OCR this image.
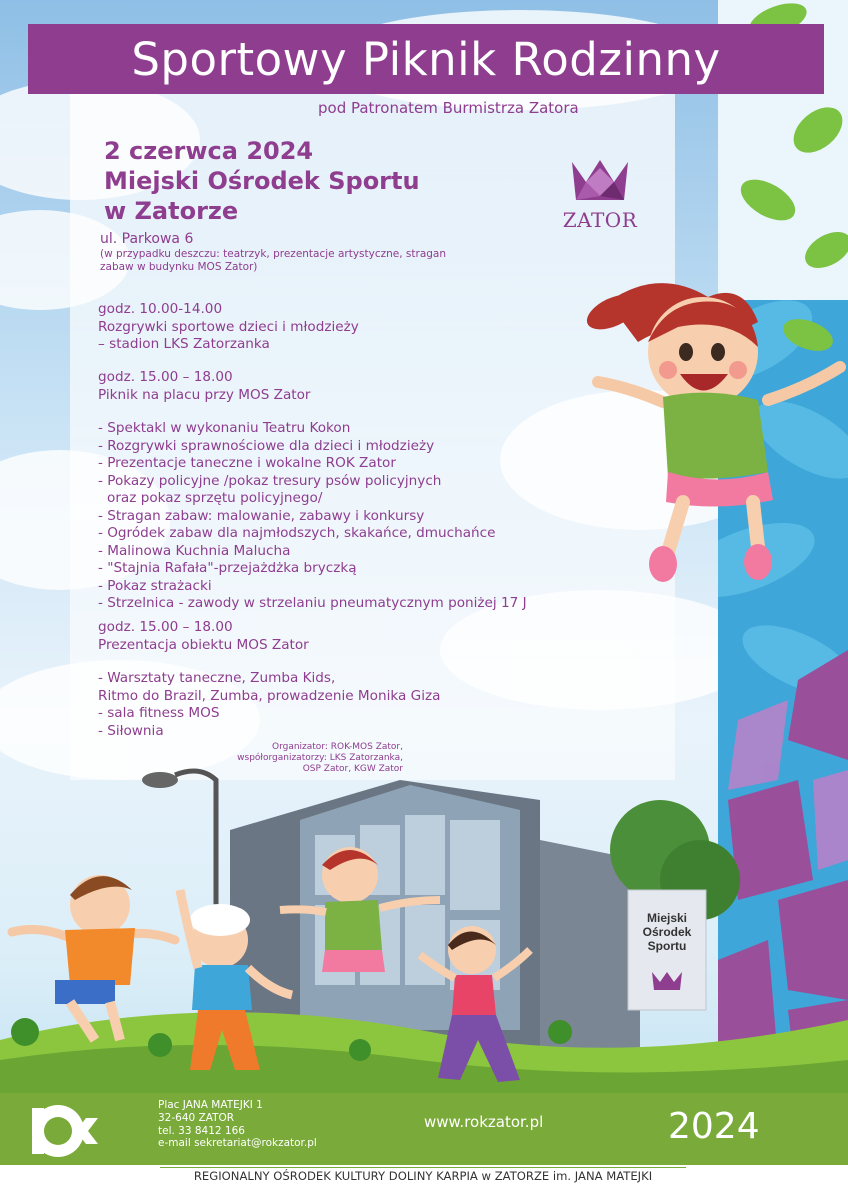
Sportowy Piknik Rodzinny
pod Patronatem Burmistrza Zatora
2 czerwca 2024
Miejski Ośrodek Sportu
w Zatorze
ul. Parkowa 6
(w przypadku deszczu: teatrzyk, prezentacje artystyczne, stragan zabaw w budynku MOS Zator)
ZATOR
godz. 10.00-14.00
Rozgrywki sportowe dzieci i młodzieży
– stadion LKS Zatorzanka
godz. 15.00 – 18.00
Piknik na placu przy MOS Zator
- Spektakl w wykonaniu Teatru Kokon
- Rozgrywki sprawnościowe dla dzieci i młodzieży
- Prezentacje taneczne i wokalne ROK Zator
- Pokazy policyjne /pokaz tresury psów policyjnych
oraz pokaz sprzętu policyjnego/
- Stragan zabaw: malowanie, zabawy i konkursy
- Ogródek zabaw dla najmłodszych, skakańce, dmuchańce
- Malinowa Kuchnia Malucha
- "Stajnia Rafała"-przejażdżka bryczką
- Pokaz strażacki
- Strzelnica - zawody w strzelaniu pneumatycznym poniżej 17 J
godz. 15.00 – 18.00
Prezentacja obiektu MOS Zator
- Warsztaty taneczne, Zumba Kids,
Ritmo do Brazil, Zumba, prowadzenie Monika Giza
- sala fitness MOS
- Siłownia
Organizator: ROK-MOS Zator,
współorganizatorzy: LKS Zatorzanka,
OSP Zator, KGW Zator
Miejski
Ośrodek
Sportu
rok	Plac JANA MATEJKI 1
32-640 ZATOR
tel. 33 8412 166
e-mail sekretariat@rokzator.pl
www.rokzator.pl	2024
REGIONALNY OŚRODEK KULTURY DOLINY KARPIA w ZATORZE im. JANA MATEJKI
